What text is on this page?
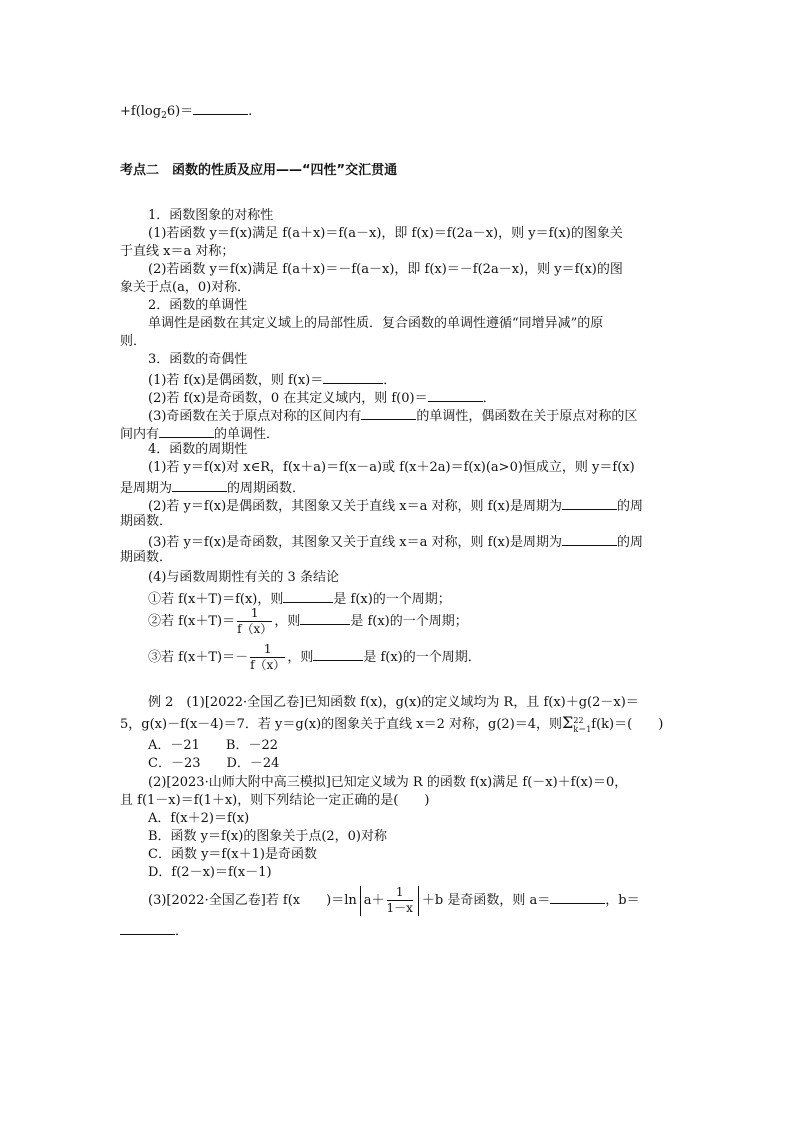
$+f(\log_26)=$	.
考点二　函数的性质及应用——“四性”交汇贯通
1．函数图象的对称性
(1)若函数 y＝f(x)满足 f(a＋x)＝f(a－x)，即 f(x)＝f(2a－x)，则 y＝f(x)的图象关
于直线 x＝a 对称；
(2)若函数 y＝f(x)满足 f(a＋x)＝－f(a－x)，即 f(x)＝－f(2a－x)，则 y＝f(x)的图
象关于点(a，0)对称．
2．函数的单调性
单调性是函数在其定义域上的局部性质．复合函数的单调性遵循“同增异减”的原
则．
3．函数的奇偶性
(1)若 f(x)是偶函数，则 f(x)＝	．
(2)若 f(x)是奇函数，0 在其定义域内，则 f(0)＝	．
(3)奇函数在关于原点对称的区间内有	的单调性，偶函数在关于原点对称的区
间内有	的单调性．
4．函数的周期性
(1)若 y＝f(x)对 x∈R，f(x＋a)＝f(x－a)或 f(x＋2a)＝f(x)(a>0)恒成立，则 y＝f(x)
是周期为	的周期函数．
(2)若 y＝f(x)是偶函数，其图象又关于直线 x＝a 对称，则 f(x)是周期为	的周
期函数．
(3)若 y＝f(x)是奇函数，其图象又关于直线 x＝a 对称，则 f(x)是周期为	的周
期函数．
(4)与函数周期性有关的 3 条结论
①若 f(x＋T)＝f(x)，则	是 f(x)的一个周期；
②若 $f(x+T)= \frac{1}{f(x)}$ ，则	是 f(x)的一个周期；
③若 $f(x+T)=- \frac{1}{f(x)}$ ，则	是 f(x)的一个周期．
例 2　(1)[2022·全国乙卷]已知函数 f(x)，g(x)的定义域均为 R，且 f(x)＋g(2－x)＝
5，g(x)－f(x－4)＝7．若 y＝g(x)的图象关于直线 x＝2 对称，g(2)＝4，则Σ 22
k＝1 f(k)＝(　　)
A．－21　　B．－22
C．－23　　D．－24
(2)[2023·山师大附中高三模拟]已知定义域为 R 的函数 f(x)满足 f(－x)＋f(x)＝0，
且 f(1－x)＝f(1＋x)，则下列结论一定正确的是(　　)
A．f(x＋2)＝f(x)
B．函数 y＝f(x)的图象关于点(2，0)对称
C．函数 y＝f(x＋1)是奇函数
D．f(2－x)＝f(x－1)
(3)[2022·全国乙卷]若 f(x　　)＝ln $a+ \frac{1}{1-x} +b$ 是奇函数，则 a＝	，b＝
．
